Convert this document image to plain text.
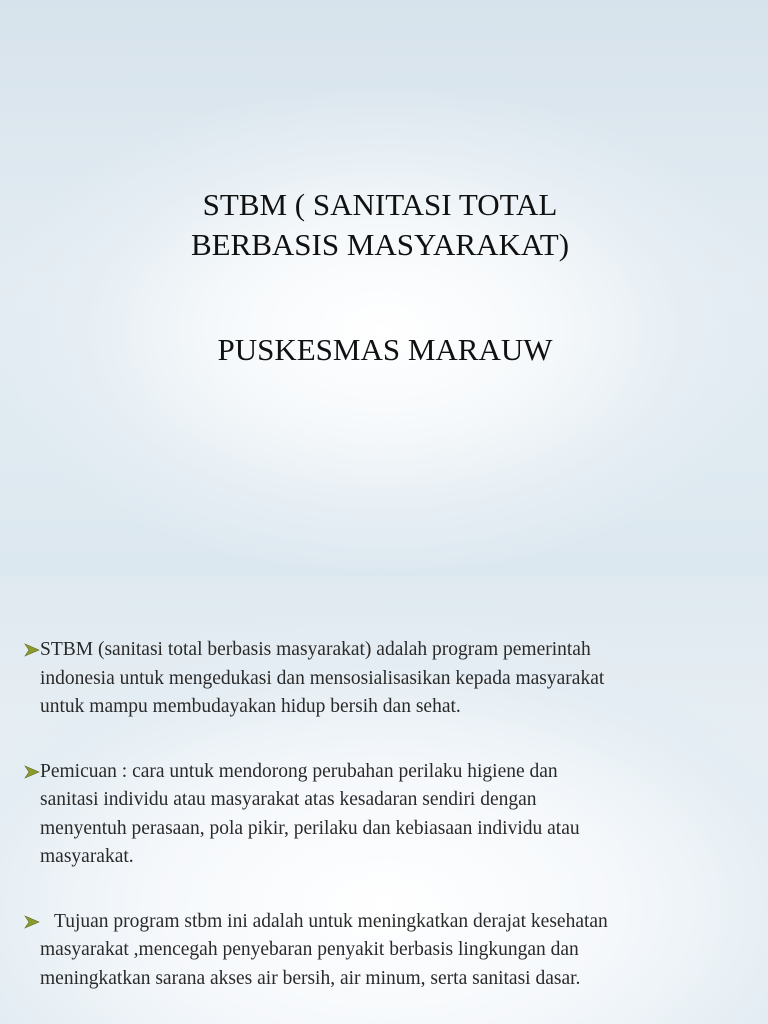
STBM ( SANITASI TOTAL
BERBASIS MASYARAKAT)
PUSKESMAS MARAUW
STBM (sanitasi total berbasis masyarakat) adalah program pemerintah
indonesia untuk mengedukasi dan mensosialisasikan kepada masyarakat
untuk mampu membudayakan hidup bersih dan sehat.
Pemicuan : cara untuk mendorong perubahan perilaku higiene dan
sanitasi individu atau masyarakat atas kesadaran sendiri dengan
menyentuh perasaan, pola pikir, perilaku dan kebiasaan individu atau
masyarakat.
Tujuan program stbm ini adalah untuk meningkatkan derajat kesehatan
masyarakat ,mencegah penyebaran penyakit berbasis lingkungan dan
meningkatkan sarana akses air bersih, air minum, serta sanitasi dasar.
